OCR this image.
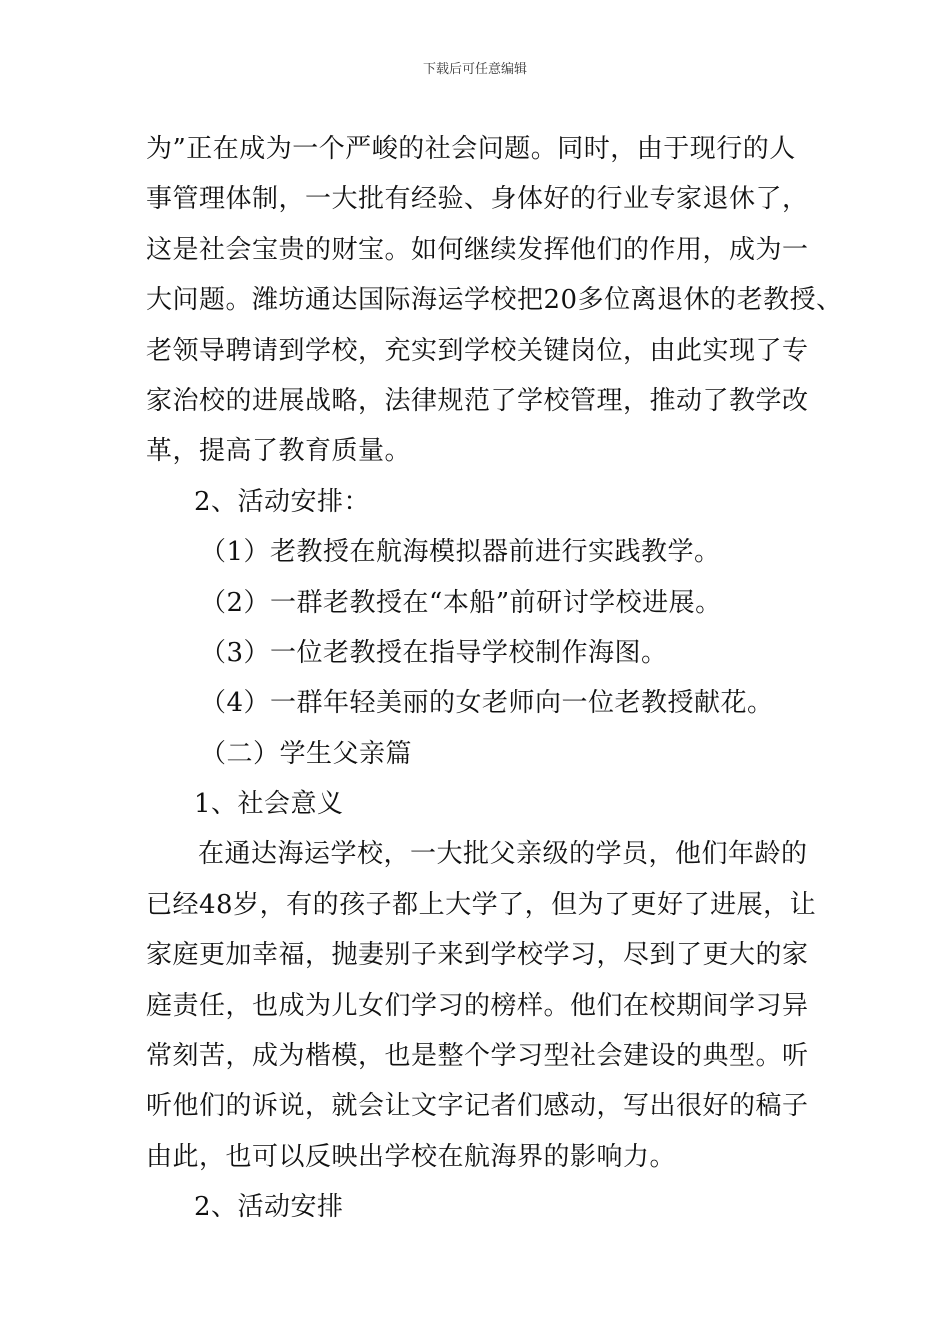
下载后可任意编辑
为”正在成为一个严峻的社会问题。同时，由于现行的人
事管理体制，一大批有经验、身体好的行业专家退休了，
这是社会宝贵的财宝。如何继续发挥他们的作用，成为一
大问题。潍坊通达国际海运学校把20多位离退休的老教授、
老领导聘请到学校，充实到学校关键岗位，由此实现了专
家治校的进展战略，法律规范了学校管理，推动了教学改
革，提高了教育质量。
2、活动安排：
（1）老教授在航海模拟器前进行实践教学。
（2）一群老教授在“本船”前研讨学校进展。
（3）一位老教授在指导学校制作海图。
（4）一群年轻美丽的女老师向一位老教授献花。
（二）学生父亲篇
1、社会意义
在通达海运学校，一大批父亲级的学员，他们年龄的
已经48岁，有的孩子都上大学了，但为了更好了进展，让
家庭更加幸福，抛妻别子来到学校学习，尽到了更大的家
庭责任，也成为儿女们学习的榜样。他们在校期间学习异
常刻苦，成为楷模，也是整个学习型社会建设的典型。听
听他们的诉说，就会让文字记者们感动，写出很好的稿子
由此，也可以反映出学校在航海界的影响力。
2、活动安排
